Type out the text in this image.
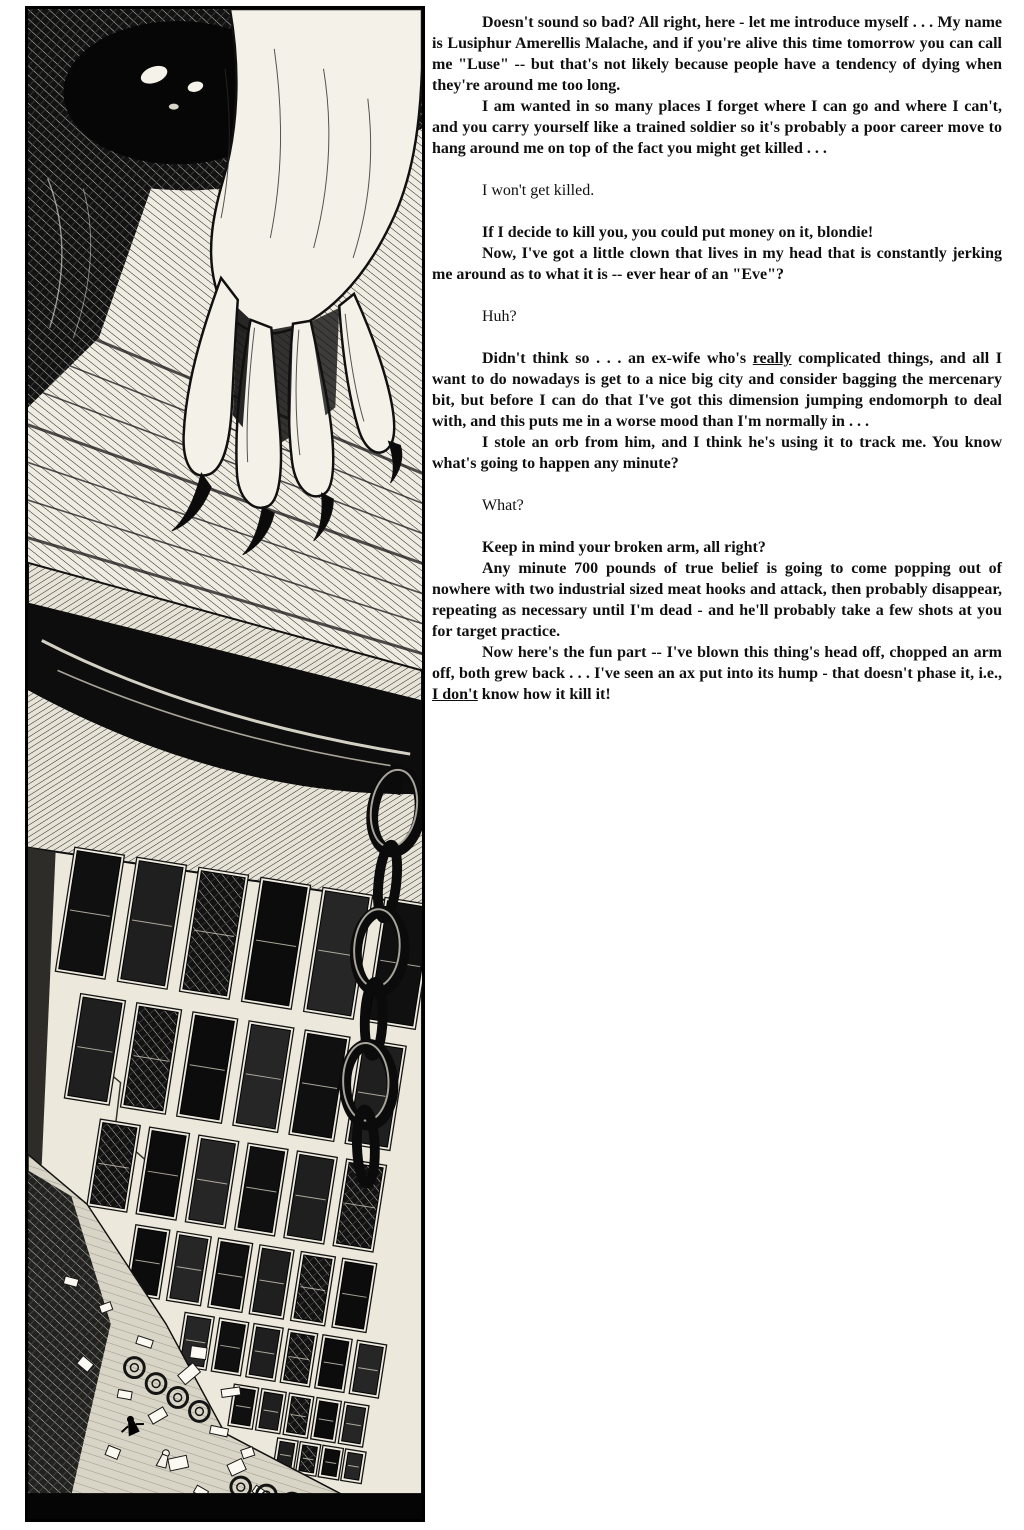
Doesn't sound so bad? All right, here - let me introduce myself . . . My name is Lusiphur Amerellis Malache, and if you're alive this time tomorrow you can call me "Luse" -- but that's not likely because people have a tendency of dying when they're around me too long.

I am wanted in so many places I forget where I can go and where I can't, and you carry yourself like a trained soldier so it's probably a poor career move to hang around me on top of the fact you might get killed . . .

I won't get killed.

If I decide to kill you, you could put money on it, blondie!

Now, I've got a little clown that lives in my head that is constantly jerking me around as to what it is -- ever hear of an "Eve"?

Huh?

Didn't think so . . . an ex-wife who's really complicated things, and all I want to do nowadays is get to a nice big city and consider bagging the mercenary bit, but before I can do that I've got this dimension jumping endomorph to deal with, and this puts me in a worse mood than I'm normally in . . .

I stole an orb from him, and I think he's using it to track me. You know what's going to happen any minute?

What?

Keep in mind your broken arm, all right?

Any minute 700 pounds of true belief is going to come popping out of nowhere with two industrial sized meat hooks and attack, then probably disappear, repeating as necessary until I'm dead - and he'll probably take a few shots at you for target practice.

Now here's the fun part -- I've blown this thing's head off, chopped an arm off, both grew back . . . I've seen an ax put into its hump - that doesn't phase it, i.e., I don't know how it kill it!
